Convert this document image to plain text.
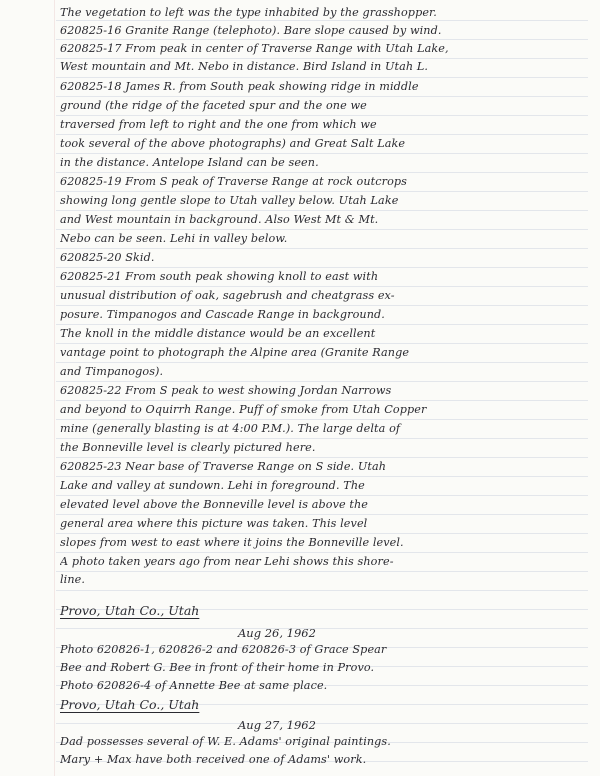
The vegetation to left was the type inhabited by the grasshopper.
620825-16 Granite Range (telephoto). Bare slope caused by wind.
620825-17 From peak in center of Traverse Range with Utah Lake,
West mountain and Mt. Nebo in distance. Bird Island in Utah L.
620825-18 James R. from South peak showing ridge in middle
ground (the ridge of the faceted spur and the one we
traversed from left to right and the one from which we
took several of the above photographs) and Great Salt Lake
in the distance. Antelope Island can be seen.
620825-19 From S peak of Traverse Range at rock outcrops
showing long gentle slope to Utah valley below. Utah Lake
and West mountain in background. Also West Mt & Mt.
Nebo can be seen. Lehi in valley below.
620825-20 Skid.
620825-21 From south peak showing knoll to east with
unusual distribution of oak, sagebrush and cheatgrass ex-
posure. Timpanogos and Cascade Range in background.
The knoll in the middle distance would be an excellent
vantage point to photograph the Alpine area (Granite Range
and Timpanogos).
620825-22 From S peak to west showing Jordan Narrows
and beyond to Oquirrh Range. Puff of smoke from Utah Copper
mine (generally blasting is at 4:00 P.M.). The large delta of
the Bonneville level is clearly pictured here.
620825-23 Near base of Traverse Range on S side. Utah
Lake and valley at sundown. Lehi in foreground. The
elevated level above the Bonneville level is above the
general area where this picture was taken. This level
slopes from west to east where it joins the Bonneville level.
A photo taken years ago from near Lehi shows this shore-
line.
Provo, Utah Co., Utah
Aug 26, 1962
Photo 620826-1, 620826-2 and 620826-3 of Grace Spear
Bee and Robert G. Bee in front of their home in Provo.
Photo 620826-4 of Annette Bee at same place.
Provo, Utah Co., Utah
Aug 27, 1962
Dad possesses several of W. E. Adams' original paintings.
Mary + Max have both received one of Adams' work.
